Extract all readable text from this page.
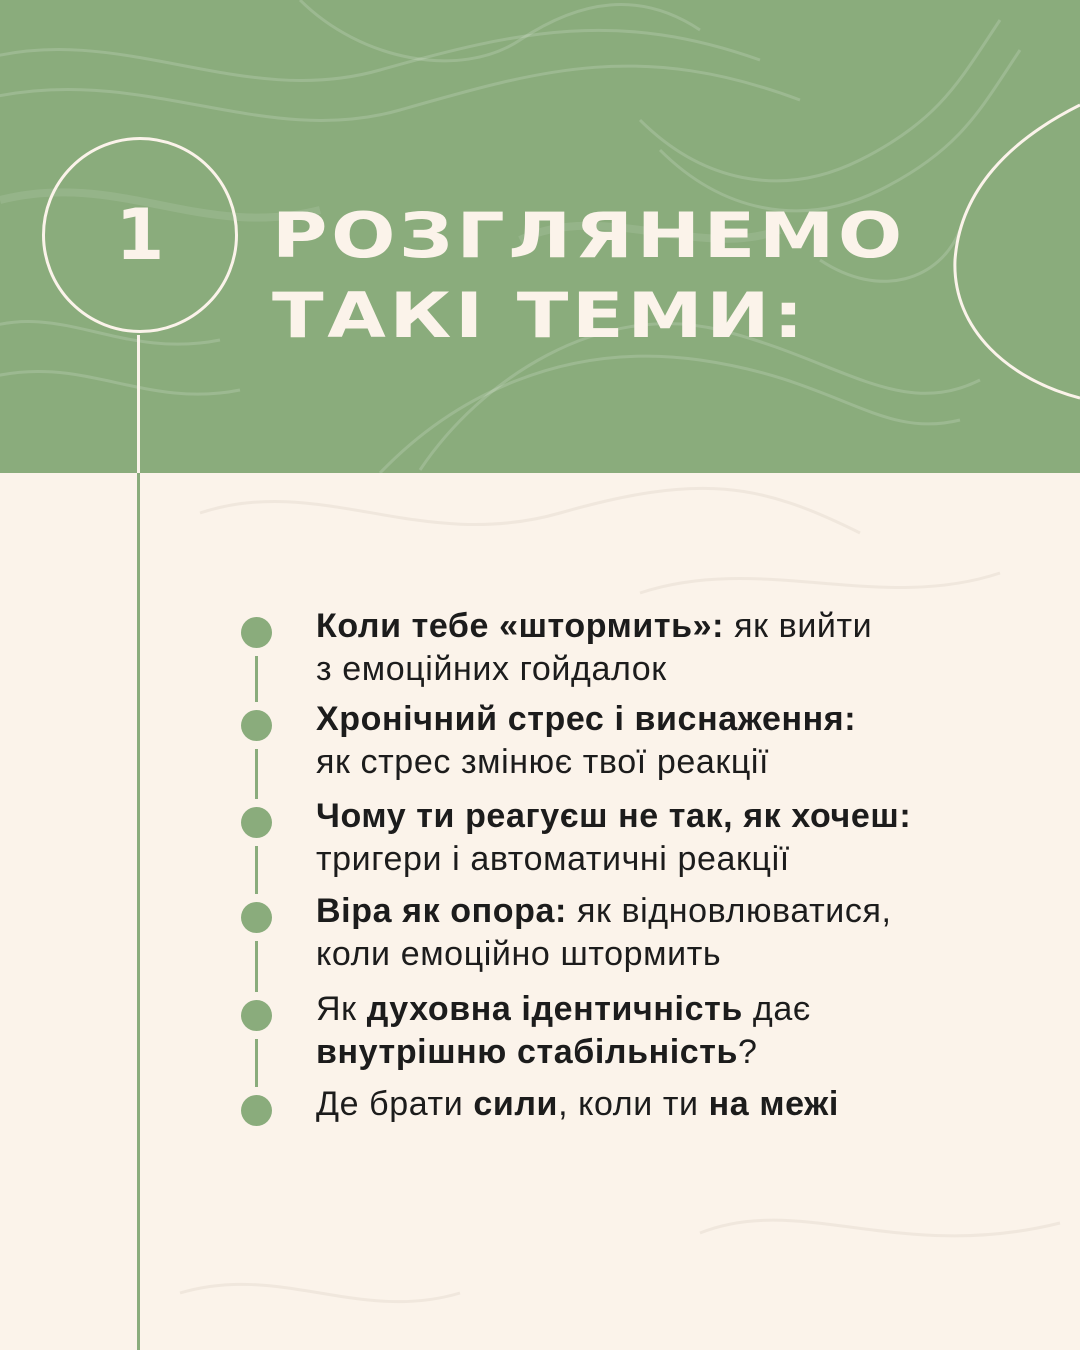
1 РОЗГЛЯНЕМО
ТАКІ ТЕМИ:
Коли тебе «штормить»: як вийти
з емоційних гойдалок
Хронічний стрес і виснаження:
як стрес змінює твої реакції
Чому ти реагуєш не так, як хочеш:
тригери і автоматичні реакції
Віра як опора: як відновлюватися,
коли емоційно штормить
Як духовна ідентичність дає
внутрішню стабільність?
Де брати сили, коли ти на межі
